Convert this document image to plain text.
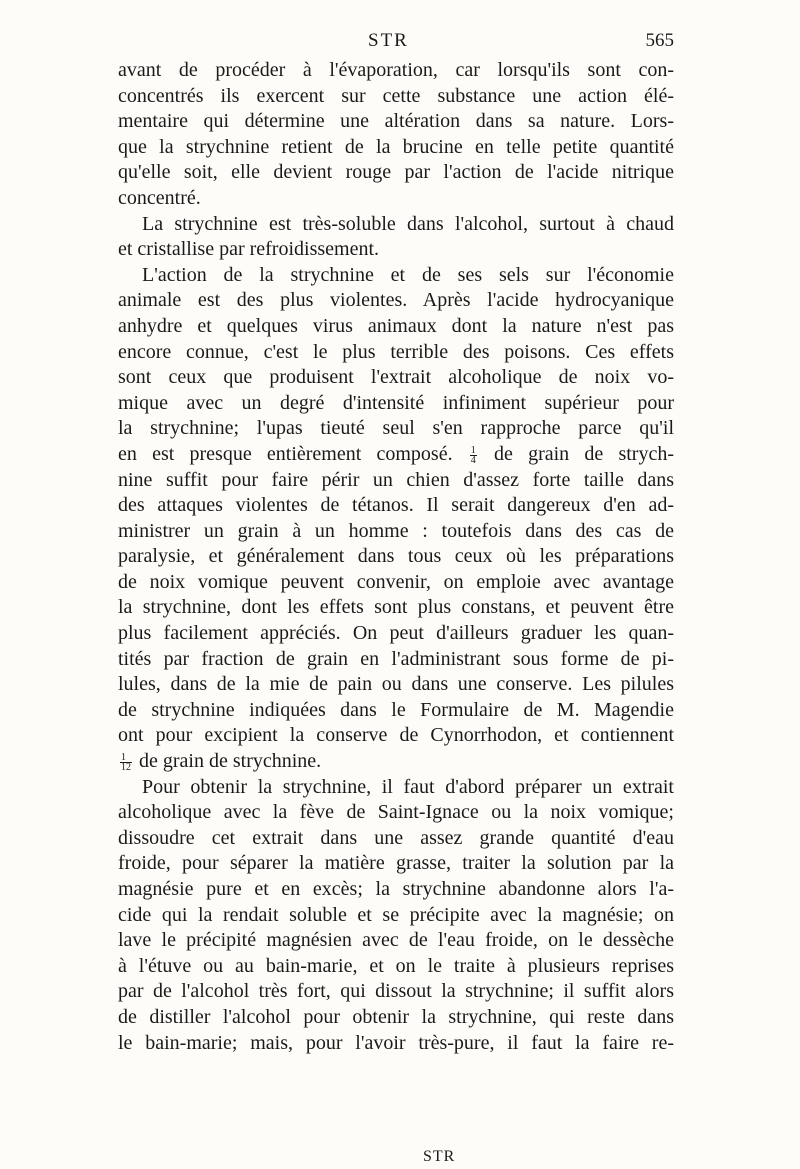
STR	565

avant de procéder à l'évaporation, car lorsqu'ils sont con-
concentrés ils exercent sur cette substance une action élé-
mentaire qui détermine une altération dans sa nature. Lors-
que la strychnine retient de la brucine en telle petite quantité
qu'elle soit, elle devient rouge par l'action de l'acide nitrique
concentré.

La strychnine est très-soluble dans l'alcohol, surtout à chaud
et cristallise par refroidissement.

L'action de la strychnine et de ses sels sur l'économie
animale est des plus violentes. Après l'acide hydrocyanique
anhydre et quelques virus animaux dont la nature n'est pas
encore connue, c'est le plus terrible des poisons. Ces effets
sont ceux que produisent l'extrait alcoholique de noix vo-
mique avec un degré d'intensité infiniment supérieur pour
la strychnine; l'upas tieuté seul s'en rapproche parce qu'il
en est presque entièrement composé. $\frac{1}{4}$ de grain de strych-
nine suffit pour faire périr un chien d'assez forte taille dans
des attaques violentes de tétanos. Il serait dangereux d'en ad-
ministrer un grain à un homme : toutefois dans des cas de
paralysie, et généralement dans tous ceux où les préparations
de noix vomique peuvent convenir, on emploie avec avantage
la strychnine, dont les effets sont plus constans, et peuvent être
plus facilement appréciés. On peut d'ailleurs graduer les quan-
tités par fraction de grain en l'administrant sous forme de pi-
lules, dans de la mie de pain ou dans une conserve. Les pilules
de strychnine indiquées dans le Formulaire de M. Magendie
ont pour excipient la conserve de Cynorrhodon, et contiennent
$\frac{1}{12}$ de grain de strychnine.

Pour obtenir la strychnine, il faut d'abord préparer un extrait
alcoholique avec la fève de Saint-Ignace ou la noix vomique;
dissoudre cet extrait dans une assez grande quantité d'eau
froide, pour séparer la matière grasse, traiter la solution par la
magnésie pure et en excès; la strychnine abandonne alors l'a-
cide qui la rendait soluble et se précipite avec la magnésie; on
lave le précipité magnésien avec de l'eau froide, on le dessèche
à l'étuve ou au bain-marie, et on le traite à plusieurs reprises
par de l'alcohol très fort, qui dissout la strychnine; il suffit alors
de distiller l'alcohol pour obtenir la strychnine, qui reste dans
le bain-marie; mais, pour l'avoir très-pure, il faut la faire re-

STR
